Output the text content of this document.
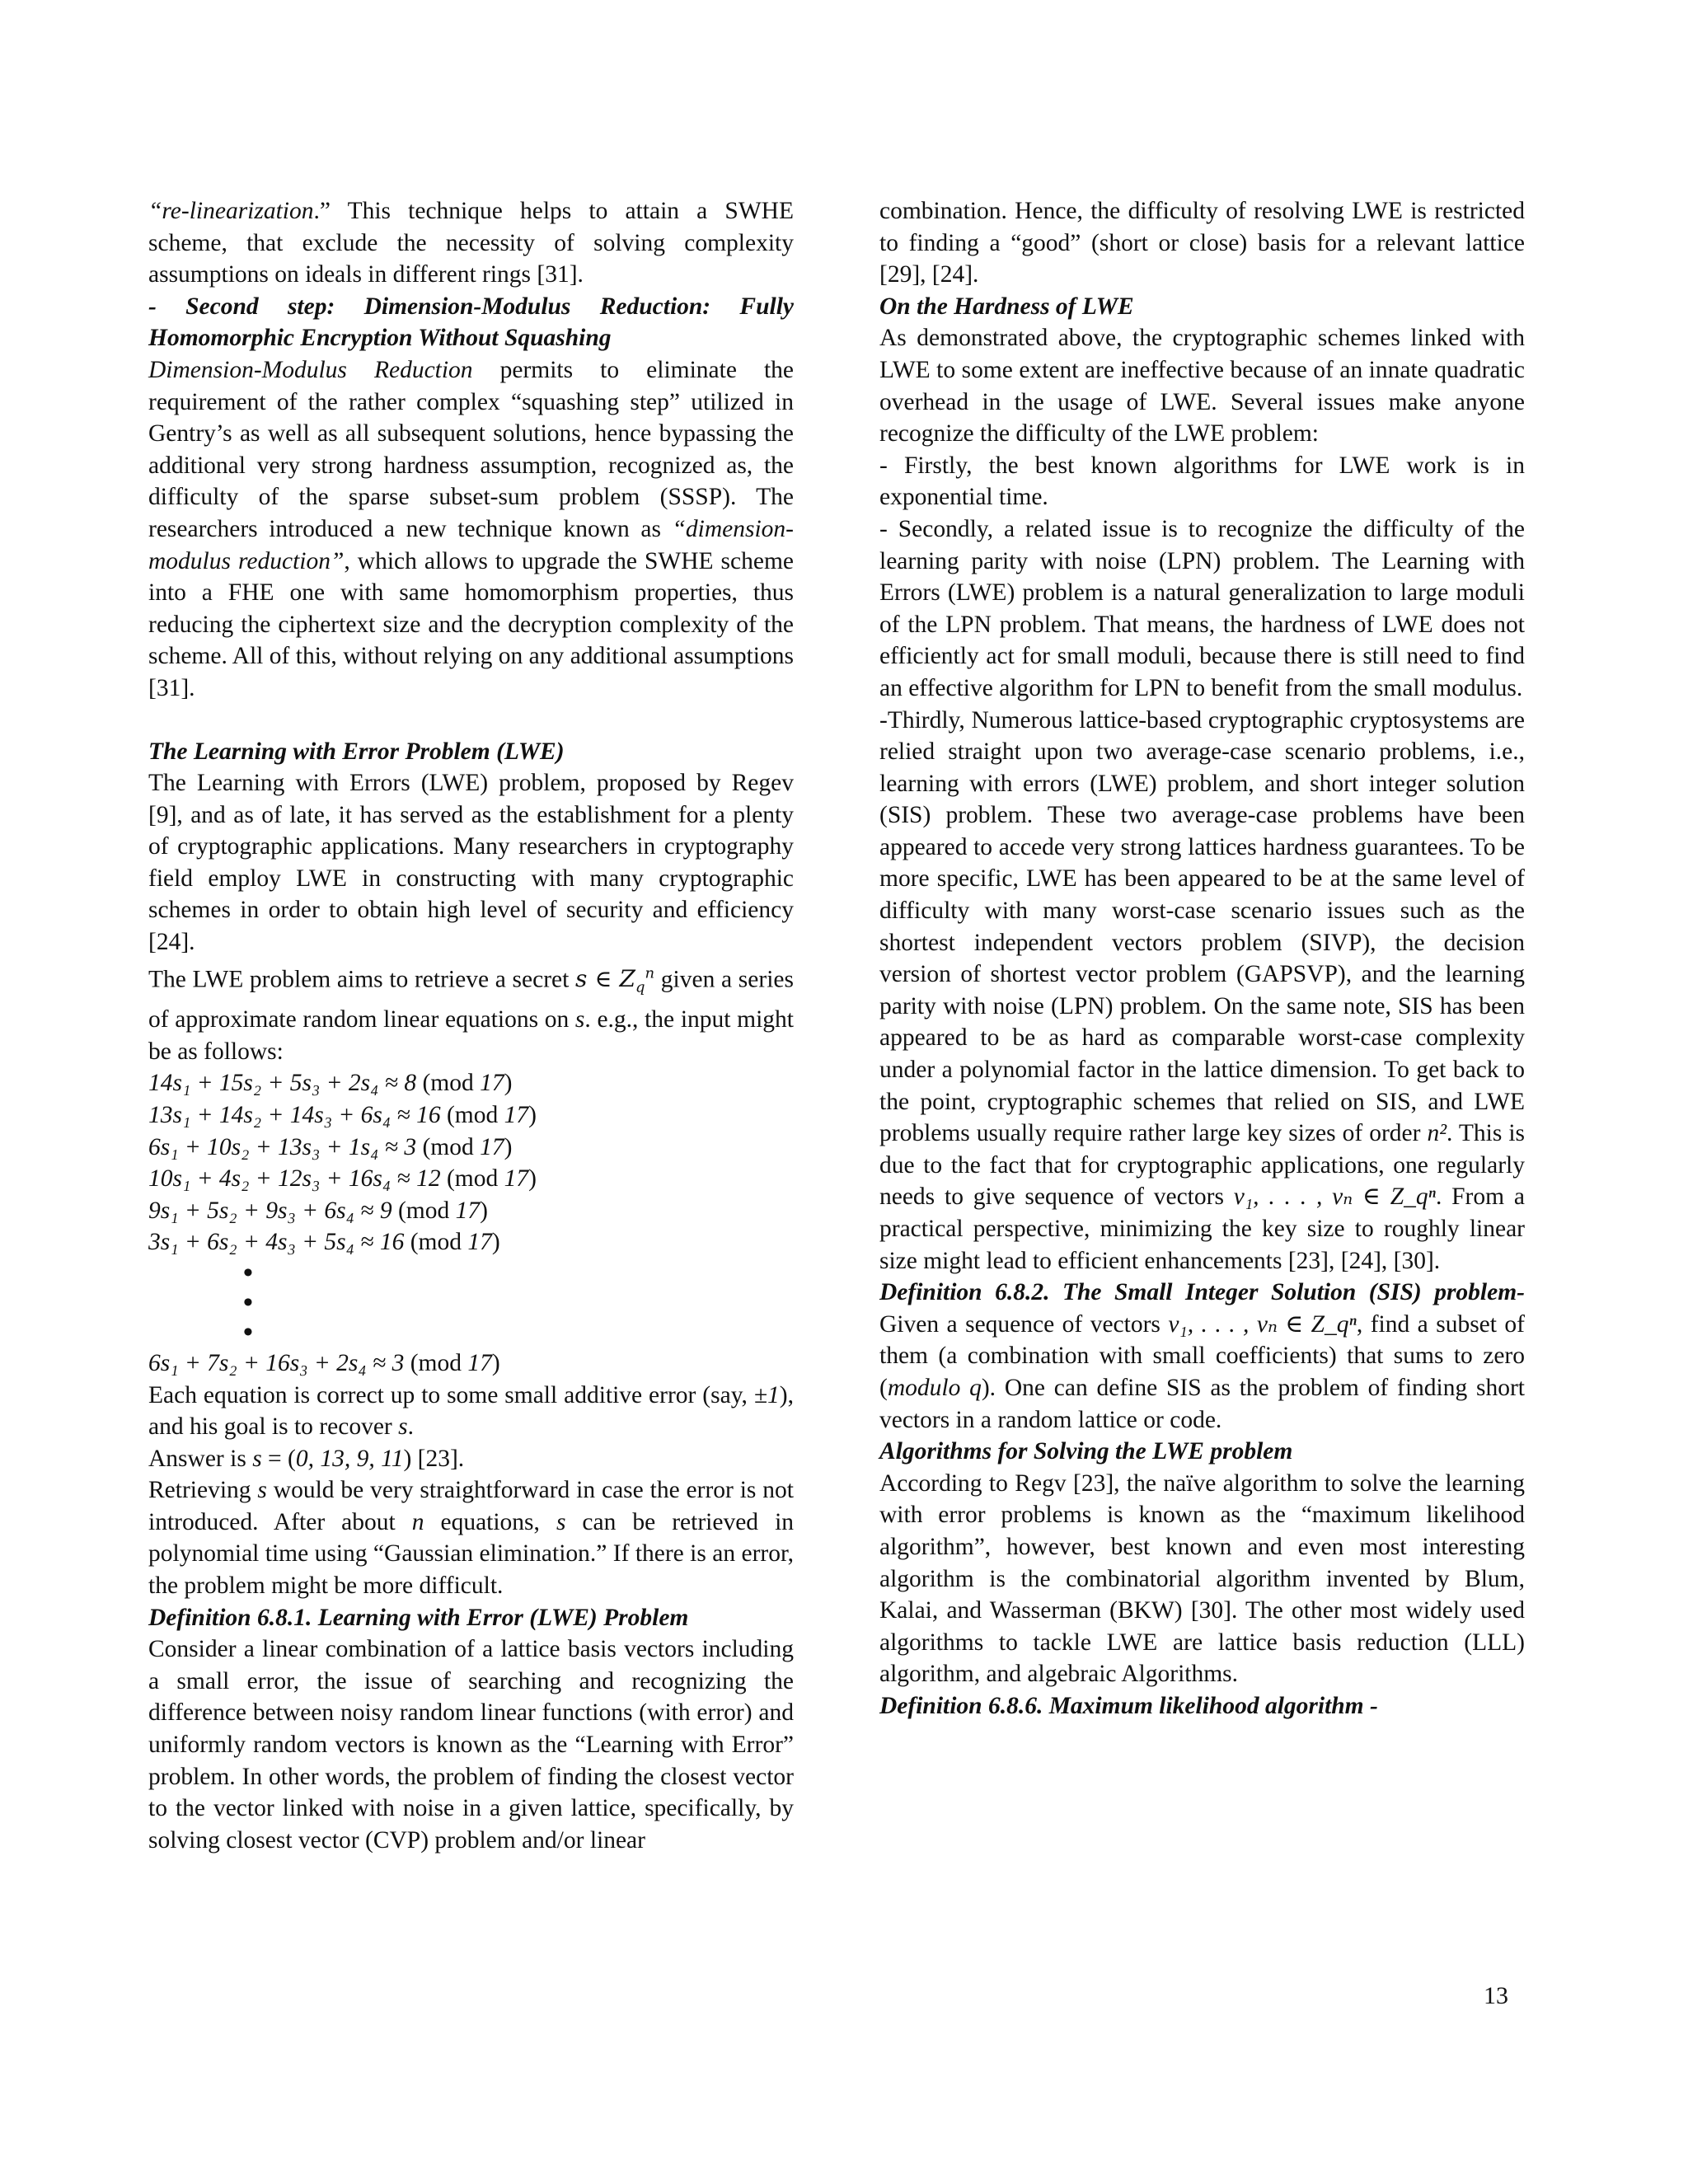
“re-linearization.” This technique helps to attain a SWHE scheme, that exclude the necessity of solving complexity assumptions on ideals in different rings [31].

- Second step: Dimension-Modulus Reduction: Fully Homomorphic Encryption Without Squashing

Dimension-Modulus Reduction permits to eliminate the requirement of the rather complex “squashing step” utilized in Gentry’s as well as all subsequent solutions, hence bypassing the additional very strong hardness assumption, recognized as, the difficulty of the sparse subset-sum problem (SSSP). The researchers introduced a new technique known as “dimension- modulus reduction”, which allows to upgrade the SWHE scheme into a FHE one with same homomorphism properties, thus reducing the ciphertext size and the decryption complexity of the scheme. All of this, without relying on any additional assumptions [31].

The Learning with Error Problem (LWE)

The Learning with Errors (LWE) problem, proposed by Regev [9], and as of late, it has served as the establishment for a plenty of cryptographic applications. Many researchers in cryptography field employ LWE in constructing with many cryptographic schemes in order to obtain high level of security and efficiency [24].

The LWE problem aims to retrieve a secret s ∈ $Z_q^n$ given a series of approximate random linear equations on s. e.g., the input might be as follows:

14s₁ + 15s₂ + 5s₃ + 2s₄ ≈ 8 (mod 17)
13s₁ + 14s₂ + 14s₃ + 6s₄ ≈ 16 (mod 17)
6s₁ + 10s₂ + 13s₃ + 1s₄ ≈ 3 (mod 17)
10s₁ + 4s₂ + 12s₃ + 16s₄ ≈ 12 (mod 17)
9s₁ + 5s₂ + 9s₃ + 6s₄ ≈ 9 (mod 17)
3s₁ + 6s₂ + 4s₃ + 5s₄ ≈ 16 (mod 17)
•
•
•
6s₁ + 7s₂ + 16s₃ + 2s₄ ≈ 3 (mod 17)

Each equation is correct up to some small additive error (say, ±1), and his goal is to recover s.

Answer is s = (0, 13, 9, 11) [23].

Retrieving s would be very straightforward in case the error is not introduced. After about n equations, s can be retrieved in polynomial time using “Gaussian elimination.” If there is an error, the problem might be more difficult.

Definition 6.8.1. Learning with Error (LWE) Problem

Consider a linear combination of a lattice basis vectors including a small error, the issue of searching and recognizing the difference between noisy random linear functions (with error) and uniformly random vectors is known as the “Learning with Error” problem. In other words, the problem of finding the closest vector to the vector linked with noise in a given lattice, specifically, by solving closest vector (CVP) problem and/or linear

combination. Hence, the difficulty of resolving LWE is restricted to finding a “good” (short or close) basis for a relevant lattice [29], [24].

On the Hardness of LWE

As demonstrated above, the cryptographic schemes linked with LWE to some extent are ineffective because of an innate quadratic overhead in the usage of LWE. Several issues make anyone recognize the difficulty of the LWE problem:

- Firstly, the best known algorithms for LWE work is in exponential time.

- Secondly, a related issue is to recognize the difficulty of the learning parity with noise (LPN) problem. The Learning with Errors (LWE) problem is a natural generalization to large moduli of the LPN problem. That means, the hardness of LWE does not efficiently act for small moduli, because there is still need to find an effective algorithm for LPN to benefit from the small modulus.

-Thirdly, Numerous lattice-based cryptographic cryptosystems are relied straight upon two average-case scenario problems, i.e., learning with errors (LWE) problem, and short integer solution (SIS) problem. These two average-case problems have been appeared to accede very strong lattices hardness guarantees. To be more specific, LWE has been appeared to be at the same level of difficulty with many worst-case scenario issues such as the shortest independent vectors problem (SIVP), the decision version of shortest vector problem (GAPSVP), and the learning parity with noise (LPN) problem. On the same note, SIS has been appeared to be as hard as comparable worst-case complexity under a polynomial factor in the lattice dimension. To get back to the point, cryptographic schemes that relied on SIS, and LWE problems usually require rather large key sizes of order n². This is due to the fact that for cryptographic applications, one regularly needs to give sequence of vectors v₁, . . . , vₙ ∈ Z_qⁿ. From a practical perspective, minimizing the key size to roughly linear size might lead to efficient enhancements [23], [24], [30].

Definition 6.8.2. The Small Integer Solution (SIS) problem- Given a sequence of vectors v₁, . . . , vₙ ∈ Z_qⁿ, find a subset of them (a combination with small coefficients) that sums to zero (modulo q). One can define SIS as the problem of finding short vectors in a random lattice or code.

Algorithms for Solving the LWE problem

According to Regv [23], the naïve algorithm to solve the learning with error problems is known as the “maximum likelihood algorithm”, however, best known and even most interesting algorithm is the combinatorial algorithm invented by Blum, Kalai, and Wasserman (BKW) [30]. The other most widely used algorithms to tackle LWE are lattice basis reduction (LLL) algorithm, and algebraic Algorithms.

Definition 6.8.6. Maximum likelihood algorithm -

13
